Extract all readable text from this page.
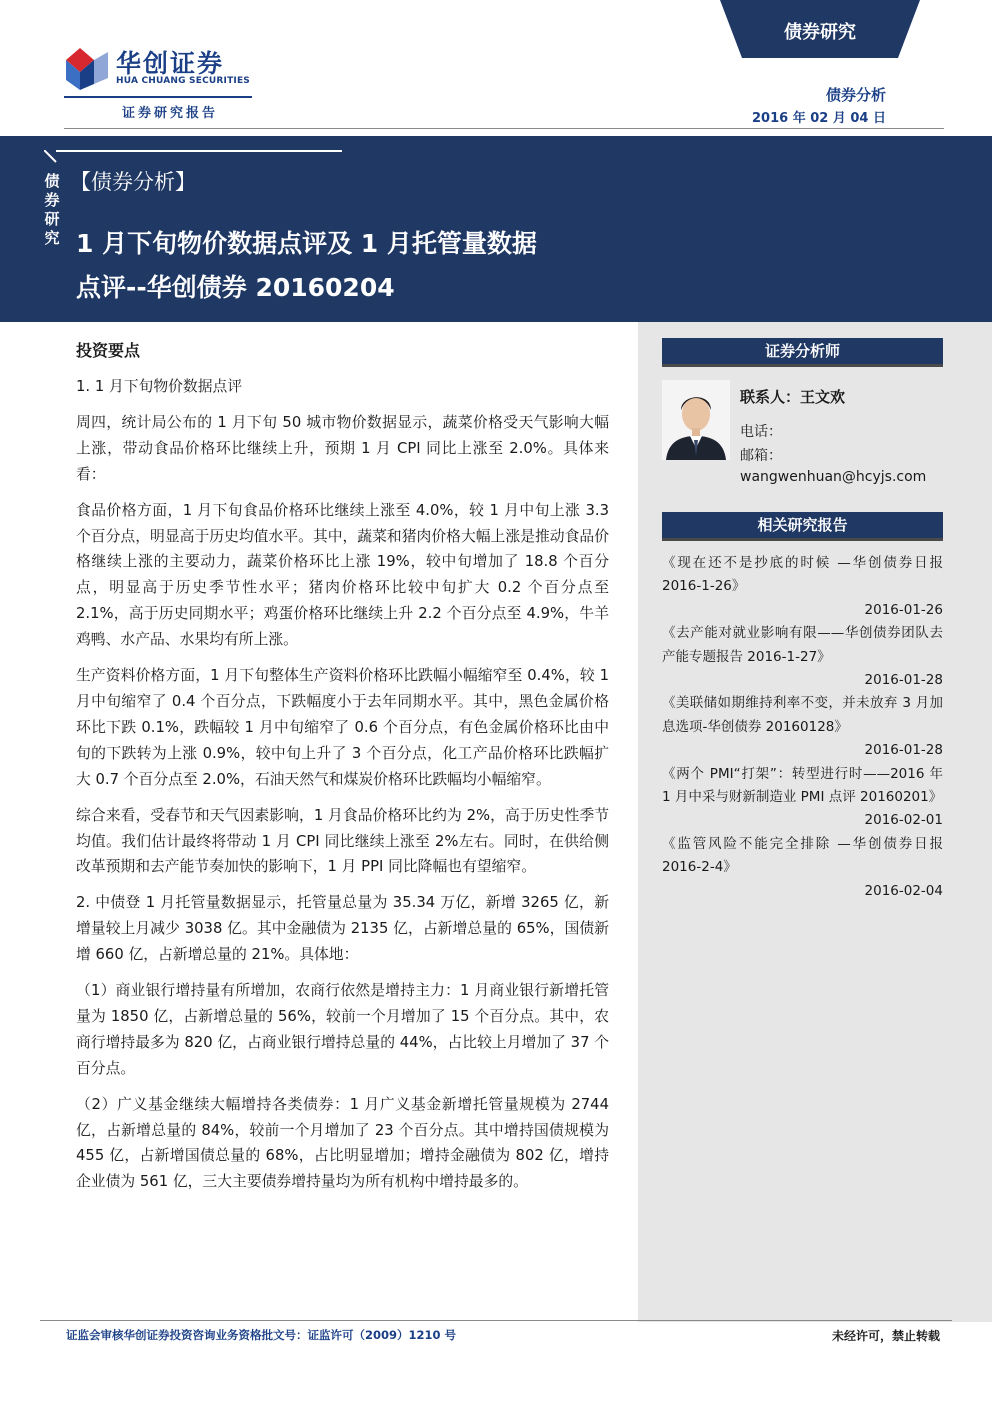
华创证券
HUA CHUANG SECURITIES
证券研究报告
债券研究
债券分析
2016 年 02 月 04 日
债券研究
【债券分析】
1 月下旬物价数据点评及 1 月托管量数据
点评--华创债券 20160204
证券分析师
联系人：王文欢
电话：
邮箱：
wangwenhuan@hcyjs.com
相关研究报告
《现在还不是抄底的时候 —华创债券日报 2016-1-26》
2016-01-26
《去产能对就业影响有限——华创债券团队去产能专题报告 2016-1-27》
2016-01-28
《美联储如期维持利率不变，并未放弃 3 月加息选项-华创债券 20160128》
2016-01-28
《两个 PMI“打架”：转型进行时——2016 年 1 月中采与财新制造业 PMI 点评 20160201》
2016-02-01
《监管风险不能完全排除 —华创债券日报 2016-2-4》
2016-02-04
投资要点

1. 1 月下旬物价数据点评

周四，统计局公布的 1 月下旬 50 城市物价数据显示，蔬菜价格受天气影响大幅上涨，带动食品价格环比继续上升，预期 1 月 CPI 同比上涨至 2.0%。具体来看：

食品价格方面，1 月下旬食品价格环比继续上涨至 4.0%，较 1 月中旬上涨 3.3 个百分点，明显高于历史均值水平。其中，蔬菜和猪肉价格大幅上涨是推动食品价格继续上涨的主要动力，蔬菜价格环比上涨 19%，较中旬增加了 18.8 个百分点，明显高于历史季节性水平；猪肉价格环比较中旬扩大 0.2 个百分点至 2.1%，高于历史同期水平；鸡蛋价格环比继续上升 2.2 个百分点至 4.9%，牛羊鸡鸭、水产品、水果均有所上涨。

生产资料价格方面，1 月下旬整体生产资料价格环比跌幅小幅缩窄至 0.4%，较 1 月中旬缩窄了 0.4 个百分点，下跌幅度小于去年同期水平。其中，黑色金属价格环比下跌 0.1%，跌幅较 1 月中旬缩窄了 0.6 个百分点，有色金属价格环比由中旬的下跌转为上涨 0.9%，较中旬上升了 3 个百分点，化工产品价格环比跌幅扩大 0.7 个百分点至 2.0%，石油天然气和煤炭价格环比跌幅均小幅缩窄。

综合来看，受春节和天气因素影响，1 月食品价格环比约为 2%，高于历史性季节均值。我们估计最终将带动 1 月 CPI 同比继续上涨至 2%左右。同时，在供给侧改革预期和去产能节奏加快的影响下，1 月 PPI 同比降幅也有望缩窄。

2. 中债登 1 月托管量数据显示，托管量总量为 35.34 万亿，新增 3265 亿，新增量较上月减少 3038 亿。其中金融债为 2135 亿，占新增总量的 65%，国债新增 660 亿，占新增总量的 21%。具体地：

（1）商业银行增持量有所增加，农商行依然是增持主力：1 月商业银行新增托管量为 1850 亿，占新增总量的 56%，较前一个月增加了 15 个百分点。其中，农商行增持最多为 820 亿，占商业银行增持总量的 44%，占比较上月增加了 37 个百分点。

（2）广义基金继续大幅增持各类债券：1 月广义基金新增托管量规模为 2744 亿，占新增总量的 84%，较前一个月增加了 23 个百分点。其中增持国债规模为 455 亿，占新增国债总量的 68%，占比明显增加；增持金融债为 802 亿，增持企业债为 561 亿，三大主要债券增持量均为所有机构中增持最多的。

证监会审核华创证券投资咨询业务资格批文号：证监许可（2009）1210 号	未经许可，禁止转载
